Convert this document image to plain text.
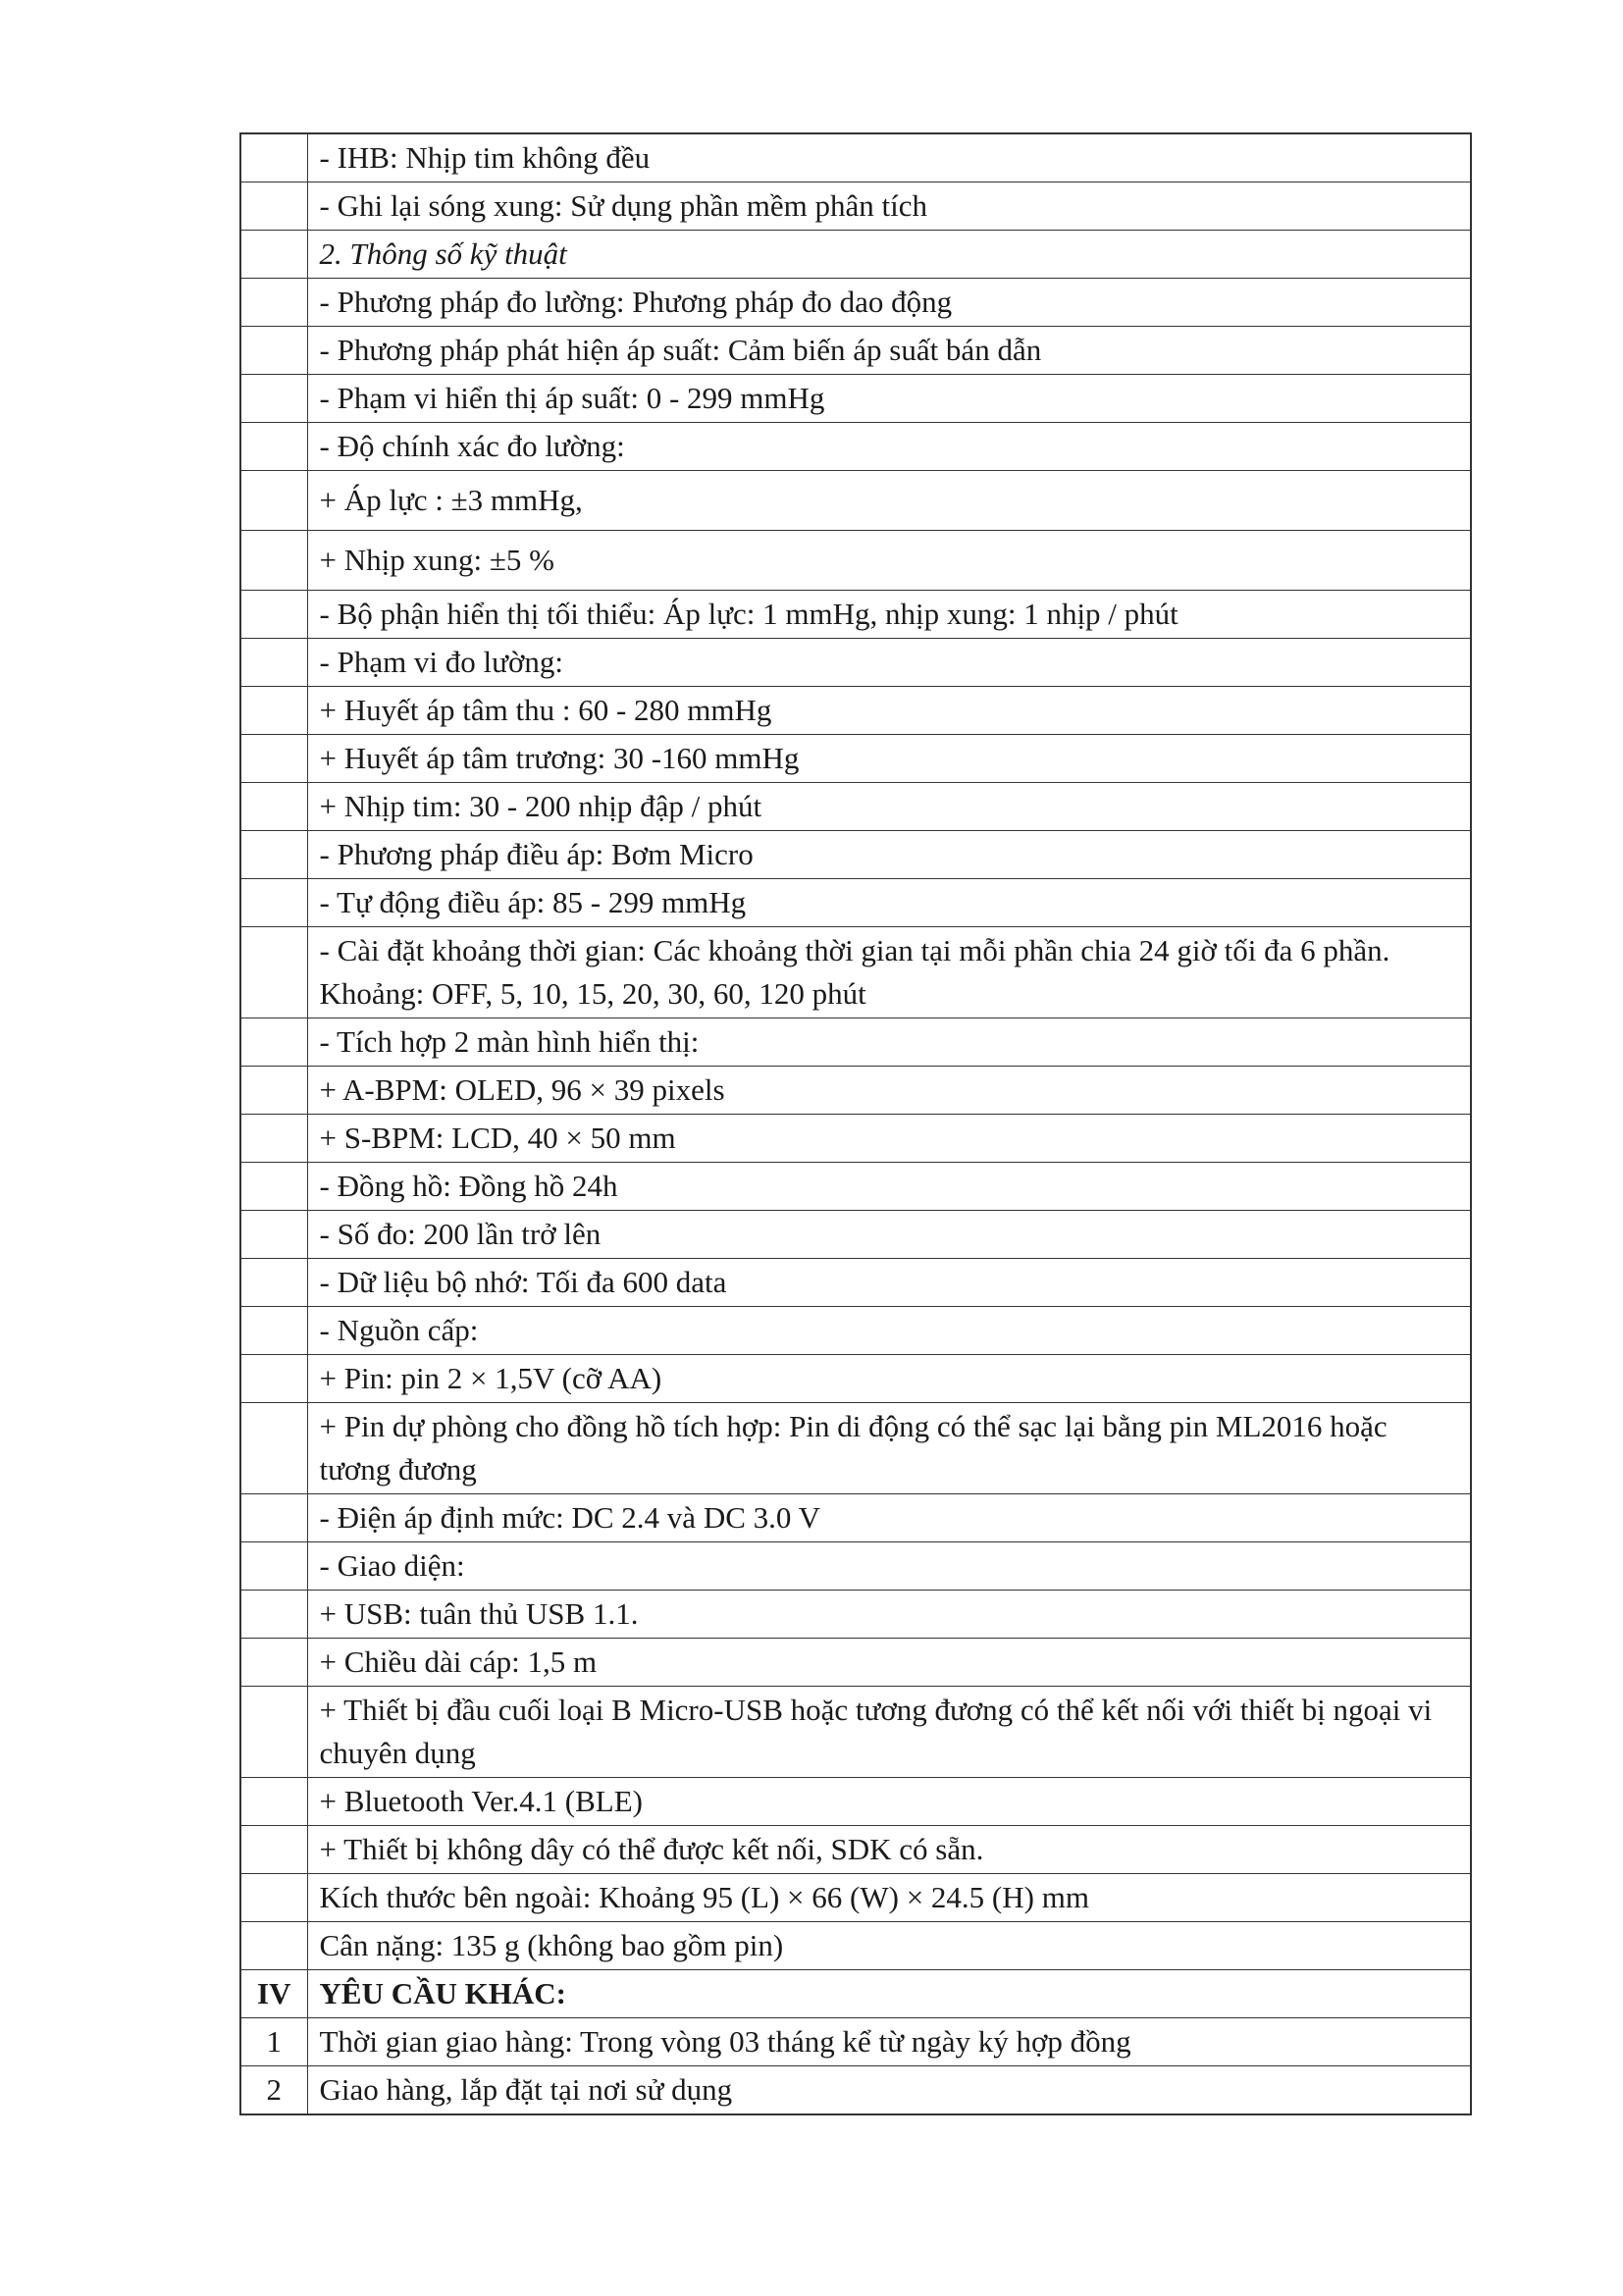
	- IHB: Nhịp tim không đều
	- Ghi lại sóng xung: Sử dụng phần mềm phân tích
	2. Thông số kỹ thuật
	- Phương pháp đo lường: Phương pháp đo dao động
	- Phương pháp phát hiện áp suất: Cảm biến áp suất bán dẫn
	- Phạm vi hiển thị áp suất: 0 - 299 mmHg
	- Độ chính xác đo lường:
	+ Áp lực : ±3 mmHg,
	+ Nhịp xung: ±5 %
	- Bộ phận hiển thị tối thiểu: Áp lực: 1 mmHg, nhịp xung: 1 nhịp / phút
	- Phạm vi đo lường:
	+ Huyết áp tâm thu : 60 - 280 mmHg
	+ Huyết áp tâm trương: 30 -160 mmHg
	+ Nhịp tim: 30 - 200 nhịp đập / phút
	- Phương pháp điều áp: Bơm Micro
	- Tự động điều áp: 85 - 299 mmHg
	- Cài đặt khoảng thời gian: Các khoảng thời gian tại mỗi phần chia 24 giờ tối đa 6 phần. Khoảng: OFF, 5, 10, 15, 20, 30, 60, 120 phút
	- Tích hợp 2 màn hình hiển thị:
	+ A-BPM: OLED, 96 × 39 pixels
	+ S-BPM: LCD, 40 × 50 mm
	- Đồng hồ: Đồng hồ 24h
	- Số đo: 200 lần trở lên
	- Dữ liệu bộ nhớ: Tối đa 600 data
	- Nguồn cấp:
	+ Pin: pin 2 × 1,5V (cỡ AA)
	+ Pin dự phòng cho đồng hồ tích hợp: Pin di động có thể sạc lại bằng pin ML2016 hoặc tương đương
	- Điện áp định mức: DC 2.4 và DC 3.0 V
	- Giao diện:
	+ USB: tuân thủ USB 1.1.
	+ Chiều dài cáp: 1,5 m
	+ Thiết bị đầu cuối loại B Micro-USB hoặc tương đương có thể kết nối với thiết bị ngoại vi chuyên dụng
	+ Bluetooth Ver.4.1 (BLE)
	+ Thiết bị không dây có thể được kết nối, SDK có sẵn.
	Kích thước bên ngoài: Khoảng 95 (L) × 66 (W) × 24.5 (H) mm
	Cân nặng: 135 g (không bao gồm pin)
IV	YÊU CẦU KHÁC:
1	Thời gian giao hàng: Trong vòng 03 tháng kể từ ngày ký hợp đồng
2	Giao hàng, lắp đặt tại nơi sử dụng
